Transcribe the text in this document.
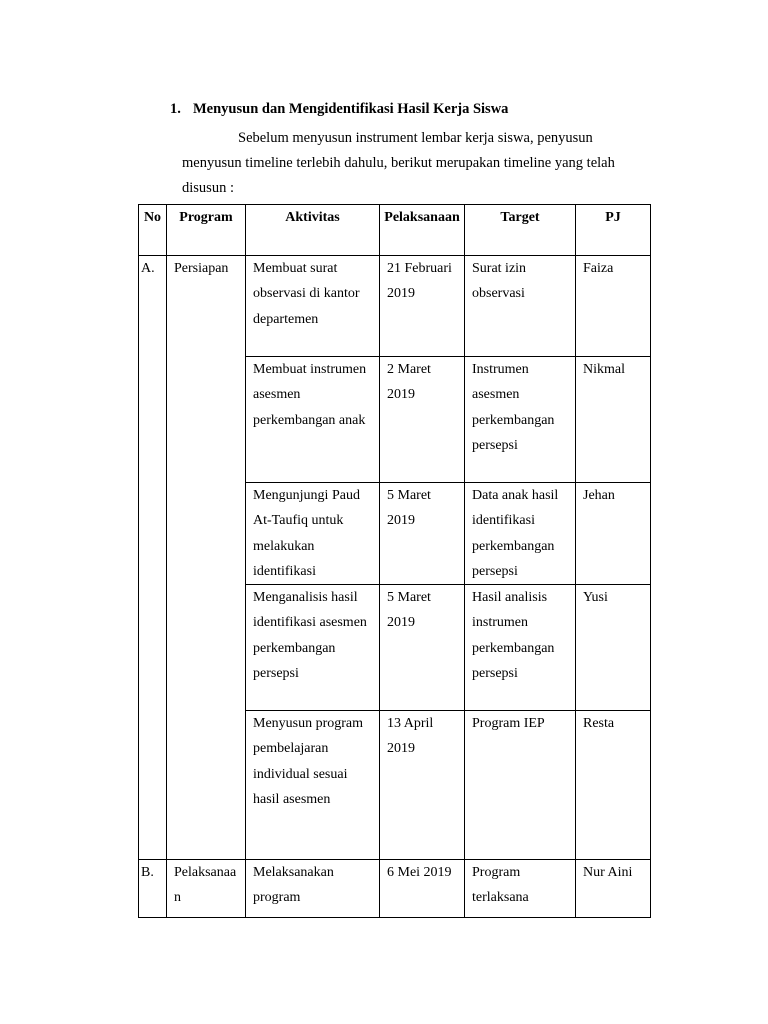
1. Menyusun dan Mengidentifikasi Hasil Kerja Siswa
Sebelum menyusun instrument lembar kerja siswa, penyusun
menyusun timeline terlebih dahulu, berikut merupakan timeline yang telah
disusun :
No	Program	Aktivitas	Pelaksanaan	Target	PJ
A.	Persiapan	Membuat surat observasi di kantor departemen	21 Februari 2019	Surat izin observasi	Faiza
		Membuat instrumen asesmen perkembangan anak	2 Maret 2019	Instrumen asesmen perkembangan persepsi	Nikmal
		Mengunjungi Paud At-Taufiq untuk melakukan identifikasi	5 Maret 2019	Data anak hasil identifikasi perkembangan persepsi	Jehan
		Menganalisis hasil identifikasi asesmen perkembangan persepsi	5 Maret 2019	Hasil analisis instrumen perkembangan persepsi	Yusi
		Menyusun program pembelajaran individual sesuai hasil asesmen	13 April 2019	Program IEP	Resta
B.	Pelaksanaan	Melaksanakan program	6 Mei 2019	Program terlaksana	Nur Aini
